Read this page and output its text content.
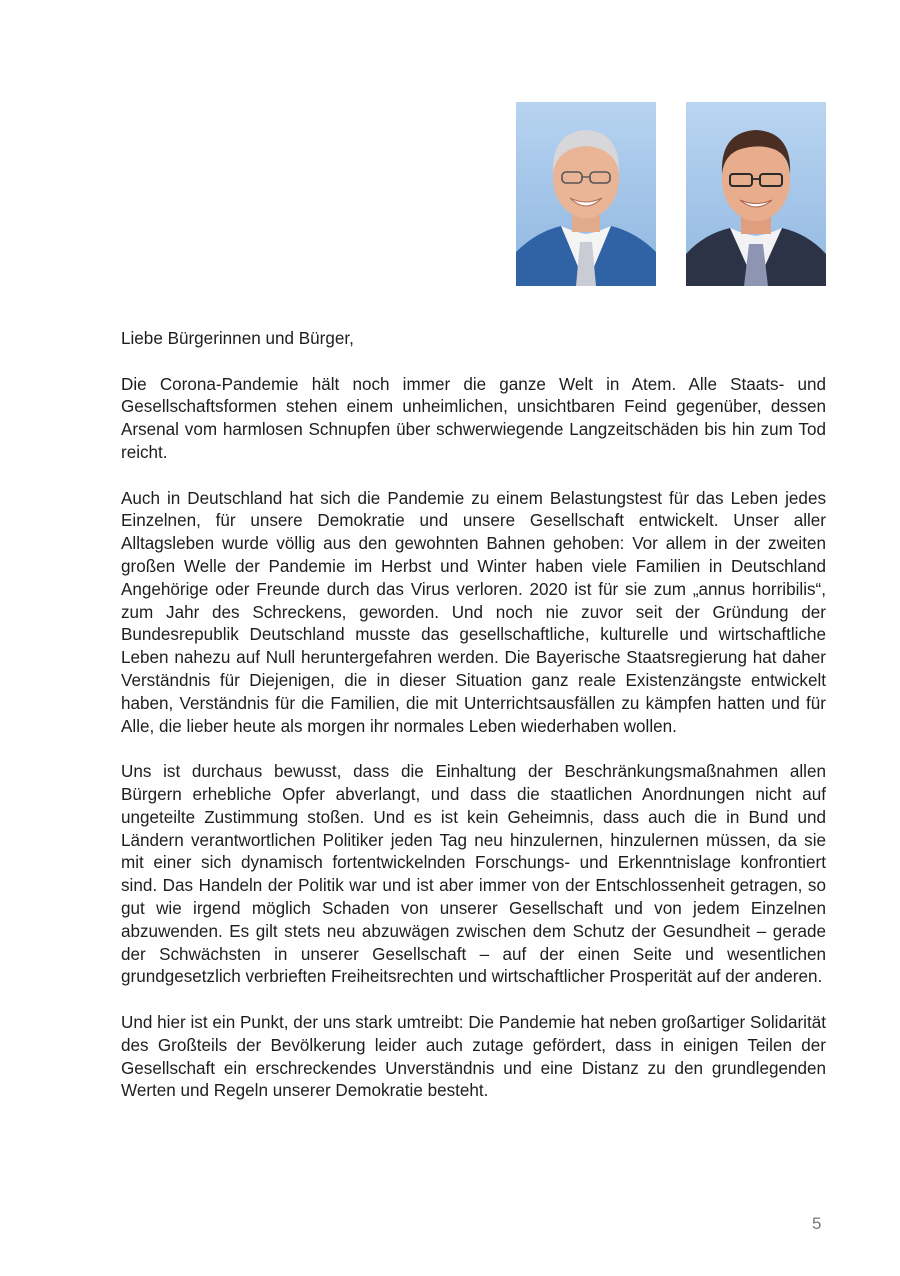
Liebe Bürgerinnen und Bürger,

Die Corona-Pandemie hält noch immer die ganze Welt in Atem. Alle Staats- und Gesellschaftsformen stehen einem unheimlichen, unsichtbaren Feind gegenüber, dessen Arsenal vom harmlosen Schnupfen über schwerwiegende Langzeitschäden bis hin zum Tod reicht.

Auch in Deutschland hat sich die Pandemie zu einem Belastungstest für das Leben jedes Einzelnen, für unsere Demokratie und unsere Gesellschaft entwickelt. Unser aller Alltagsleben wurde völlig aus den gewohnten Bahnen gehoben: Vor allem in der zweiten großen Welle der Pandemie im Herbst und Winter haben viele Familien in Deutschland Angehörige oder Freunde durch das Virus verloren. 2020 ist für sie zum „annus horribilis“, zum Jahr des Schreckens, geworden. Und noch nie zuvor seit der Gründung der Bundesrepublik Deutschland musste das gesellschaftliche, kulturelle und wirtschaftliche Leben nahezu auf Null heruntergefahren werden. Die Bayerische Staatsregierung hat daher Verständnis für Diejenigen, die in dieser Situation ganz reale Existenzängste entwickelt haben, Verständnis für die Familien, die mit Unterrichtsausfällen zu kämpfen hatten und für Alle, die lieber heute als morgen ihr normales Leben wiederhaben wollen.

Uns ist durchaus bewusst, dass die Einhaltung der Beschränkungsmaßnahmen allen Bürgern erhebliche Opfer abverlangt, und dass die staatlichen Anordnungen nicht auf ungeteilte Zustimmung stoßen. Und es ist kein Geheimnis, dass auch die in Bund und Ländern verantwortlichen Politiker jeden Tag neu hinzulernen, hinzulernen müssen, da sie mit einer sich dynamisch fortentwickelnden Forschungs- und Erkenntnislage konfrontiert sind. Das Handeln der Politik war und ist aber immer von der Entschlossenheit getragen, so gut wie irgend möglich Schaden von unserer Gesellschaft und von jedem Einzelnen abzuwenden. Es gilt stets neu abzuwägen zwischen dem Schutz der Gesundheit – gerade der Schwächsten in unserer Gesellschaft – auf der einen Seite und wesentlichen grundgesetzlich verbrieften Freiheitsrechten und wirtschaftlicher Prosperität auf der anderen.

Und hier ist ein Punkt, der uns stark umtreibt: Die Pandemie hat neben großartiger Solidarität des Großteils der Bevölkerung leider auch zutage gefördert, dass in einigen Teilen der Gesellschaft ein erschreckendes Unverständnis und eine Distanz zu den grundlegenden Werten und Regeln unserer Demokratie besteht.

5
